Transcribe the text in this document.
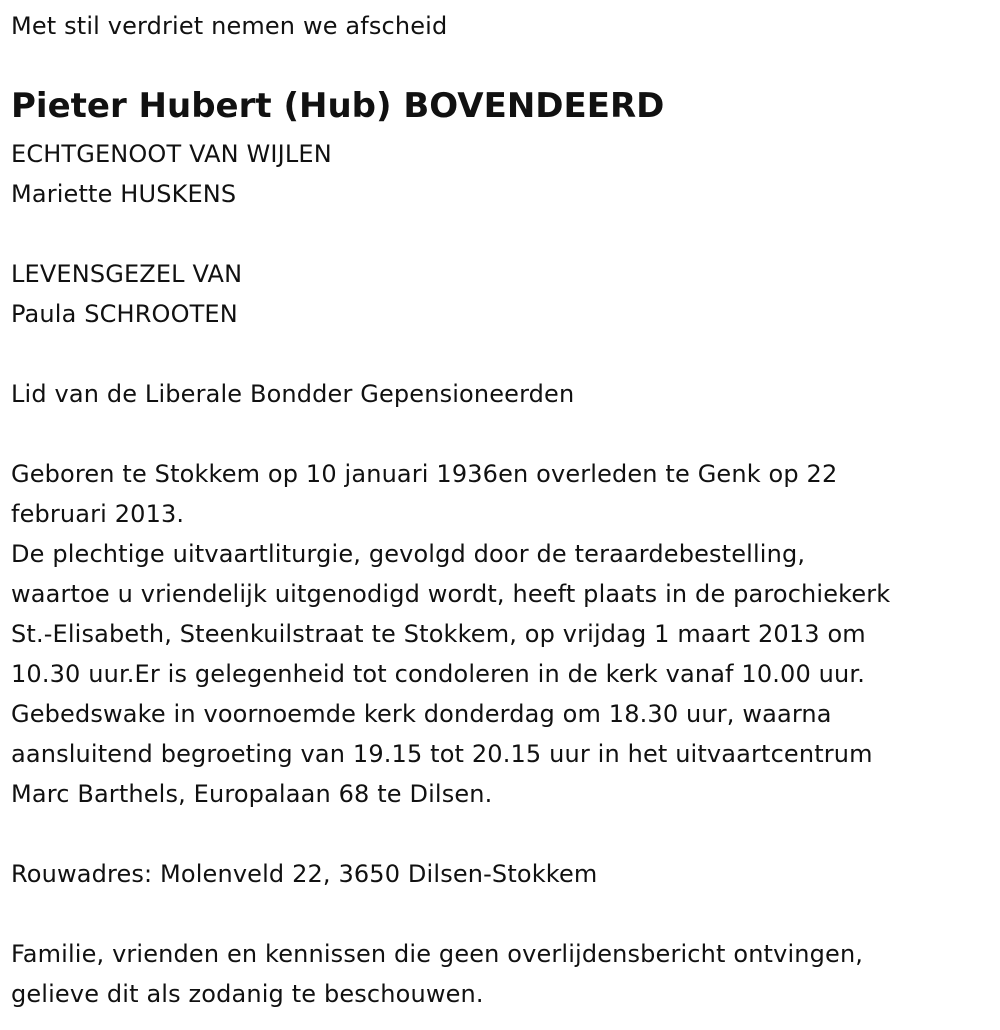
Met stil verdriet nemen we afscheid

Pieter Hubert (Hub) BOVENDEERD

ECHTGENOOT VAN WIJLEN

Mariette HUSKENS

LEVENSGEZEL VAN

Paula SCHROOTEN

Lid van de Liberale Bondder Gepensioneerden

Geboren te Stokkem op 10 januari 1936en overleden te Genk op 22

februari 2013.

De plechtige uitvaartliturgie, gevolgd door de teraardebestelling,

waartoe u vriendelijk uitgenodigd wordt, heeft plaats in de parochiekerk

St.-Elisabeth, Steenkuilstraat te Stokkem, op vrijdag 1 maart 2013 om

10.30 uur.Er is gelegenheid tot condoleren in de kerk vanaf 10.00 uur.

Gebedswake in voornoemde kerk donderdag om 18.30 uur, waarna

aansluitend begroeting van 19.15 tot 20.15 uur in het uitvaartcentrum

Marc Barthels, Europalaan 68 te Dilsen.

Rouwadres: Molenveld 22, 3650 Dilsen-Stokkem

Familie, vrienden en kennissen die geen overlijdensbericht ontvingen,

gelieve dit als zodanig te beschouwen.
